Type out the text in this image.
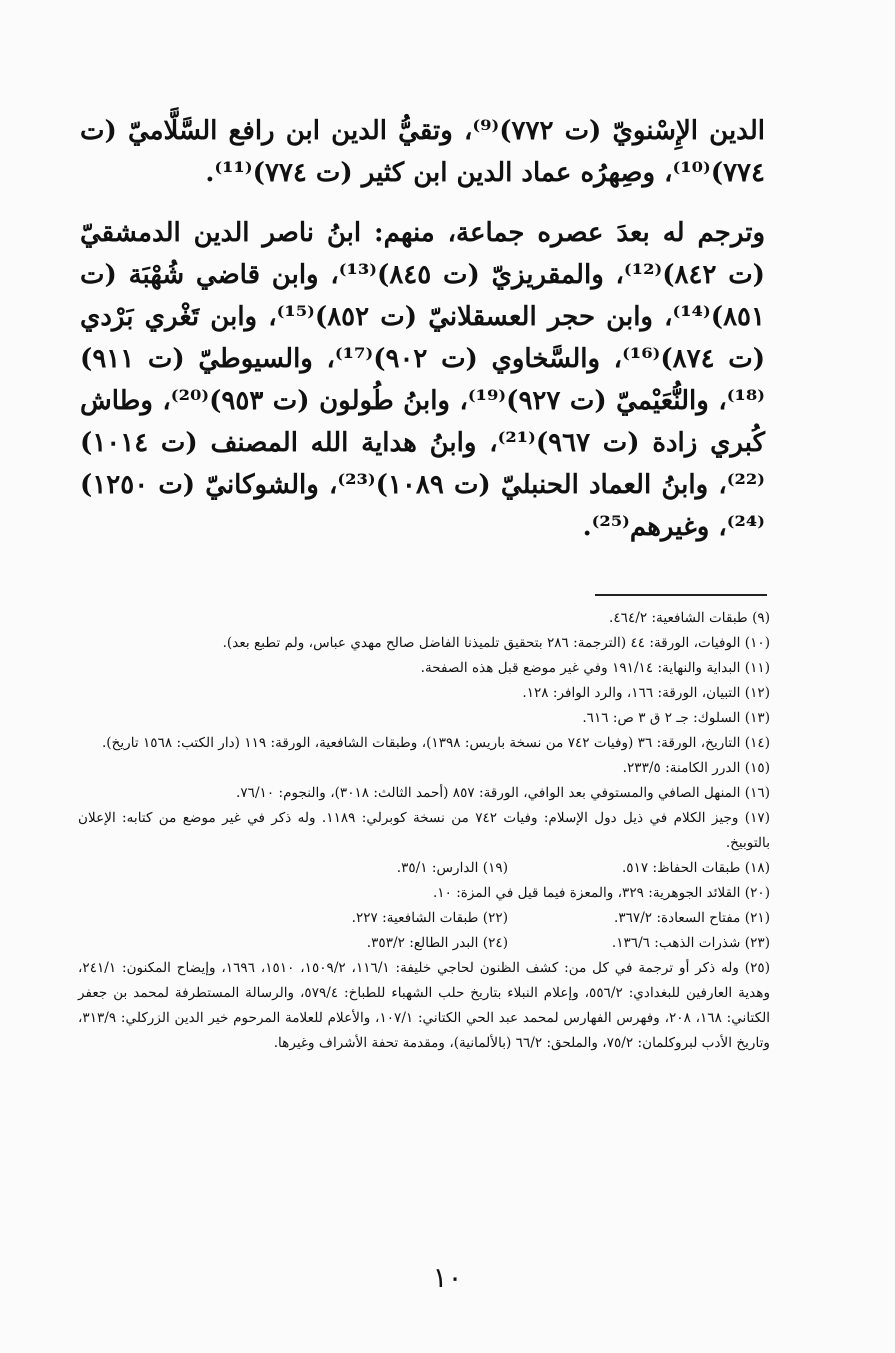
الدين الإِسْنويّ (ت ٧٧٢)⁽⁹⁾، وتقيُّ الدين ابن رافع السَّلَّاميّ (ت ٧٧٤)⁽¹⁰⁾، وصِهرُه عماد الدين ابن كثير (ت ٧٧٤)⁽¹¹⁾.

وترجم له بعدَ عصره جماعة، منهم: ابنُ ناصر الدين الدمشقيّ (ت ٨٤٢)⁽¹²⁾، والمقريزيّ (ت ٨٤٥)⁽¹³⁾، وابن قاضي شُهْبَة (ت ٨٥١)⁽¹⁴⁾، وابن حجر العسقلانيّ (ت ٨٥٢)⁽¹⁵⁾، وابن تَغْري بَرْدي (ت ٨٧٤)⁽¹⁶⁾، والسَّخاوي (ت ٩٠٢)⁽¹⁷⁾، والسيوطيّ (ت ٩١١)⁽¹⁸⁾، والنُّعَيْميّ (ت ٩٢٧)⁽¹⁹⁾، وابنُ طُولون (ت ٩٥٣)⁽²⁰⁾، وطاش كُبري زادة (ت ٩٦٧)⁽²¹⁾، وابنُ هداية الله المصنف (ت ١٠١٤)⁽²²⁾، وابنُ العماد الحنبليّ (ت ١٠٨٩)⁽²³⁾، والشوكانيّ (ت ١٢٥٠)⁽²⁴⁾، وغيرهم⁽²⁵⁾.

(٩) طبقات الشافعية: ٤٦٤/٢.

(١٠) الوفيات، الورقة: ٤٤ (الترجمة: ٢٨٦ بتحقيق تلميذنا الفاضل صالح مهدي عباس، ولم تطبع بعد).

(١١) البداية والنهاية: ١٩١/١٤ وفي غير موضع قبل هذه الصفحة.

(١٢) التبيان، الورقة: ١٦٦، والرد الوافر: ١٢٨.

(١٣) السلوك: جـ ٢ ق ٣ ص: ٦١٦.

(١٤) التاريخ، الورقة: ٣٦ (وفيات ٧٤٢ من نسخة باريس: ١٣٩٨)، وطبقات الشافعية، الورقة: ١١٩ (دار الكتب: ١٥٦٨ تاريخ).

(١٥) الدرر الكامنة: ٢٣٣/٥.

(١٦) المنهل الصافي والمستوفي بعد الوافي، الورقة: ٨٥٧ (أحمد الثالث: ٣٠١٨)، والنجوم: ٧٦/١٠.

(١٧) وجيز الكلام في ذيل دول الإسلام: وفيات ٧٤٢ من نسخة كوبرلي: ١١٨٩. وله ذكر في غير موضع من كتابه: الإعلان بالتوبيخ.

(١٨) طبقات الحفاظ: ٥١٧.
(١٩) الدارس: ٣٥/١.

(٢٠) القلائد الجوهرية: ٣٢٩، والمعزة فيما قيل في المزة: ١٠.

(٢١) مفتاح السعادة: ٣٦٧/٢.
(٢٢) طبقات الشافعية: ٢٢٧.
(٢٣) شذرات الذهب: ١٣٦/٦.
(٢٤) البدر الطالع: ٣٥٣/٢.

(٢٥) وله ذكر أو ترجمة في كل من: كشف الظنون لحاجي خليفة: ١١٦/١، ١٥٠٩/٢، ١٥١٠، ١٦٩٦، وإيضاح المكنون: ٢٤١/١، وهدية العارفين للبغدادي: ٥٥٦/٢، وإعلام النبلاء بتاريخ حلب الشهباء للطباخ: ٥٧٩/٤، والرسالة المستطرفة لمحمد بن جعفر الكتاني: ١٦٨، ٢٠٨، وفهرس الفهارس لمحمد عبد الحي الكتاني: ١٠٧/١، والأعلام للعلامة المرحوم خير الدين الزركلي: ٣١٣/٩، وتاريخ الأدب لبروكلمان: ٧٥/٢، والملحق: ٦٦/٢ (بالألمانية)، ومقدمة تحفة الأشراف وغيرها.

١٠
